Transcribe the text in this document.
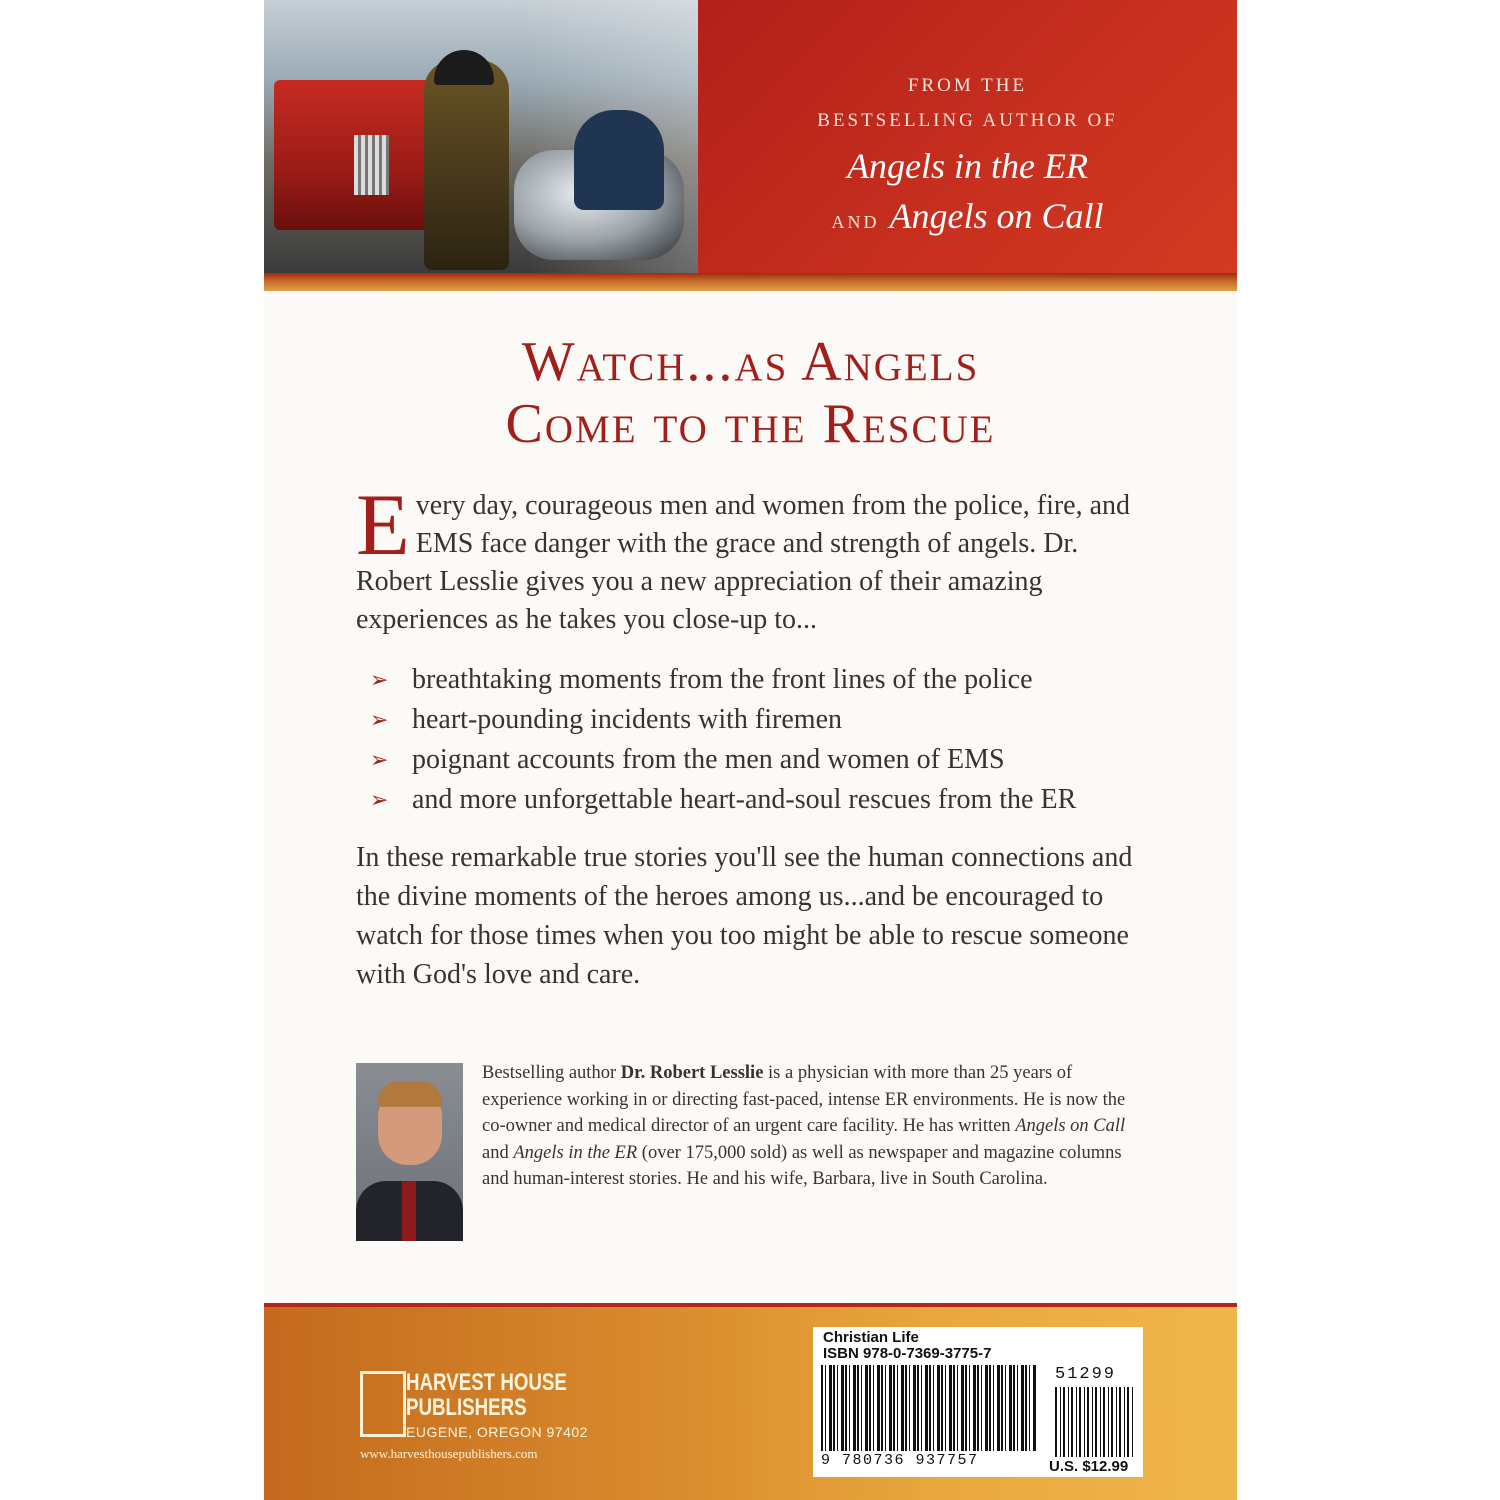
FROM THE
BESTSELLING AUTHOR OF
Angels in the ER
AND Angels on Call
Watch...as Angels
Come to the Rescue
Every day, courageous men and women from the police, fire, and EMS face danger with the grace and strength of angels. Dr. Robert Lesslie gives you a new appreciation of their amazing experiences as he takes you close-up to...
➢ breathtaking moments from the front lines of the police
➢ heart-pounding incidents with firemen
➢ poignant accounts from the men and women of EMS
➢ and more unforgettable heart-and-soul rescues from the ER
In these remarkable true stories you'll see the human connections and the divine moments of the heroes among us...and be encouraged to watch for those times when you too might be able to rescue someone with God's love and care.
Bestselling author Dr. Robert Lesslie is a physician with more than 25 years of experience working in or directing fast-paced, intense ER environments. He is now the co-owner and medical director of an urgent care facility. He has written Angels on Call and Angels in the ER (over 175,000 sold) as well as newspaper and magazine columns and human-interest stories. He and his wife, Barbara, live in South Carolina.
HARVEST HOUSE
PUBLISHERS
EUGENE, OREGON 97402
www.harvesthousepublishers.com
Christian Life
ISBN 978-0-7369-3775-7
9 780736 937757
51299
U.S. $12.99
